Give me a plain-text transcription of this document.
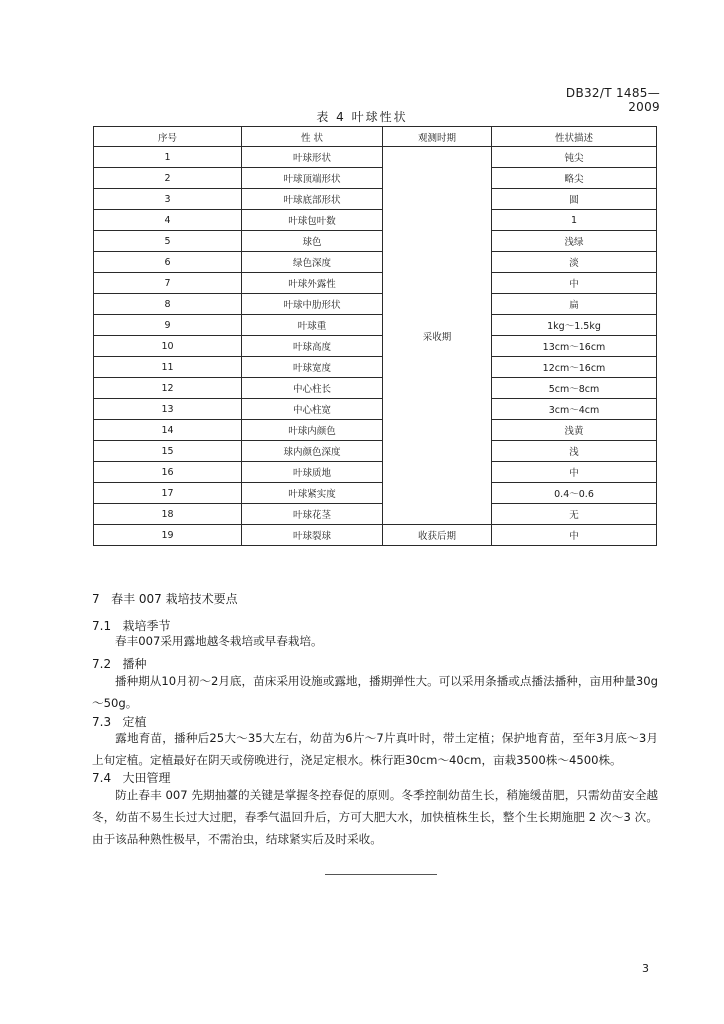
DB32/T 1485—2009
表 4 叶球性状
序号	性 状	观测时期	性状描述
1	叶球形状	采收期	钝尖
2	叶球顶端形状		略尖
3	叶球底部形状		圆
4	叶球包叶数		1
5	球色		浅绿
6	绿色深度		淡
7	叶球外露性		中
8	叶球中肋形状		扁
9	叶球重		1kg～1.5kg
10	叶球高度		13cm～16cm
11	叶球宽度		12cm～16cm
12	中心柱长		5cm～8cm
13	中心柱宽		3cm～4cm
14	叶球内颜色		浅黄
15	球内颜色深度		浅
16	叶球质地		中
17	叶球紧实度		0.4～0.6
18	叶球花茎		无
19	叶球裂球	收获后期	中
7 春丰 007 栽培技术要点
7.1 栽培季节
春丰007采用露地越冬栽培或早春栽培。
7.2 播种
播种期从10月初～2月底，苗床采用设施或露地，播期弹性大。可以采用条播或点播法播种，亩用种量30g～50g。
7.3 定植
露地育苗，播种后25大～35大左右，幼苗为6片～7片真叶时，带土定植；保护地育苗，至年3月底～3月上旬定植。定植最好在阴天或傍晚进行，浇足定根水。株行距30cm～40cm，亩栽3500株～4500株。
7.4 大田管理
防止春丰 007 先期抽薹的关键是掌握冬控春促的原则。冬季控制幼苗生长，稍施缓苗肥，只需幼苗安全越冬，幼苗不易生长过大过肥，春季气温回升后，方可大肥大水，加快植株生长，整个生长期施肥 2 次～3 次。由于该品种熟性极早，不需治虫，结球紧实后及时采收。
3
